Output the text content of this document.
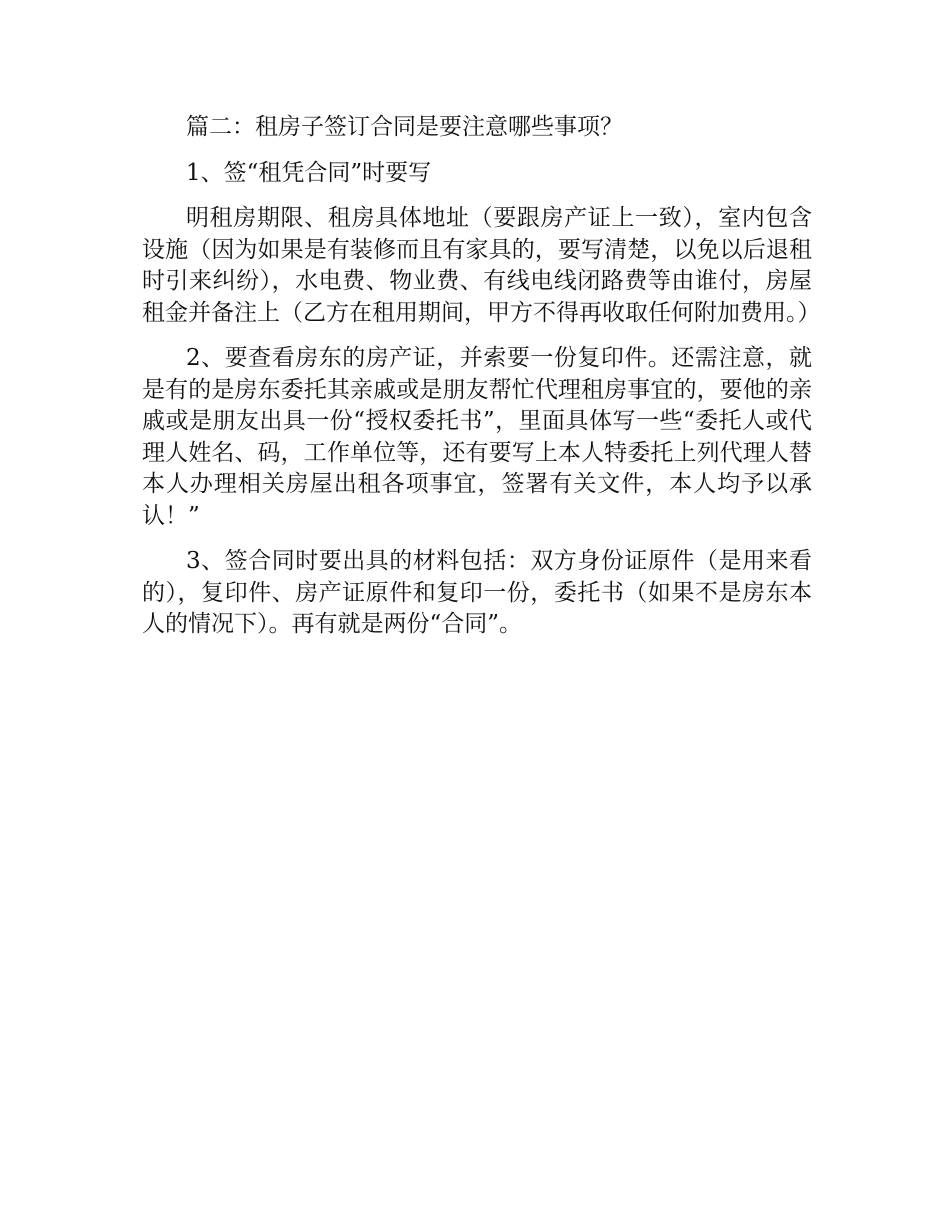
篇二：租房子签订合同是要注意哪些事项？

1、签“租凭合同”时要写

明租房期限、租房具体地址（要跟房产证上一致），室内包含设施（因为如果是有装修而且有家具的，要写清楚，以免以后退租时引来纠纷），水电费、物业费、有线电线闭路费等由谁付，房屋租金并备注上（乙方在租用期间，甲方不得再收取任何附加费用。）

2、要查看房东的房产证，并索要一份复印件。还需注意，就是有的是房东委托其亲戚或是朋友帮忙代理租房事宜的，要他的亲戚或是朋友出具一份“授权委托书”，里面具体写一些“委托人或代理人姓名、码，工作单位等，还有要写上本人特委托上列代理人替本人办理相关房屋出租各项事宜，签署有关文件，本人均予以承认！”

3、签合同时要出具的材料包括：双方身份证原件（是用来看的），复印件、房产证原件和复印一份，委托书（如果不是房东本人的情况下）。再有就是两份“合同”。
